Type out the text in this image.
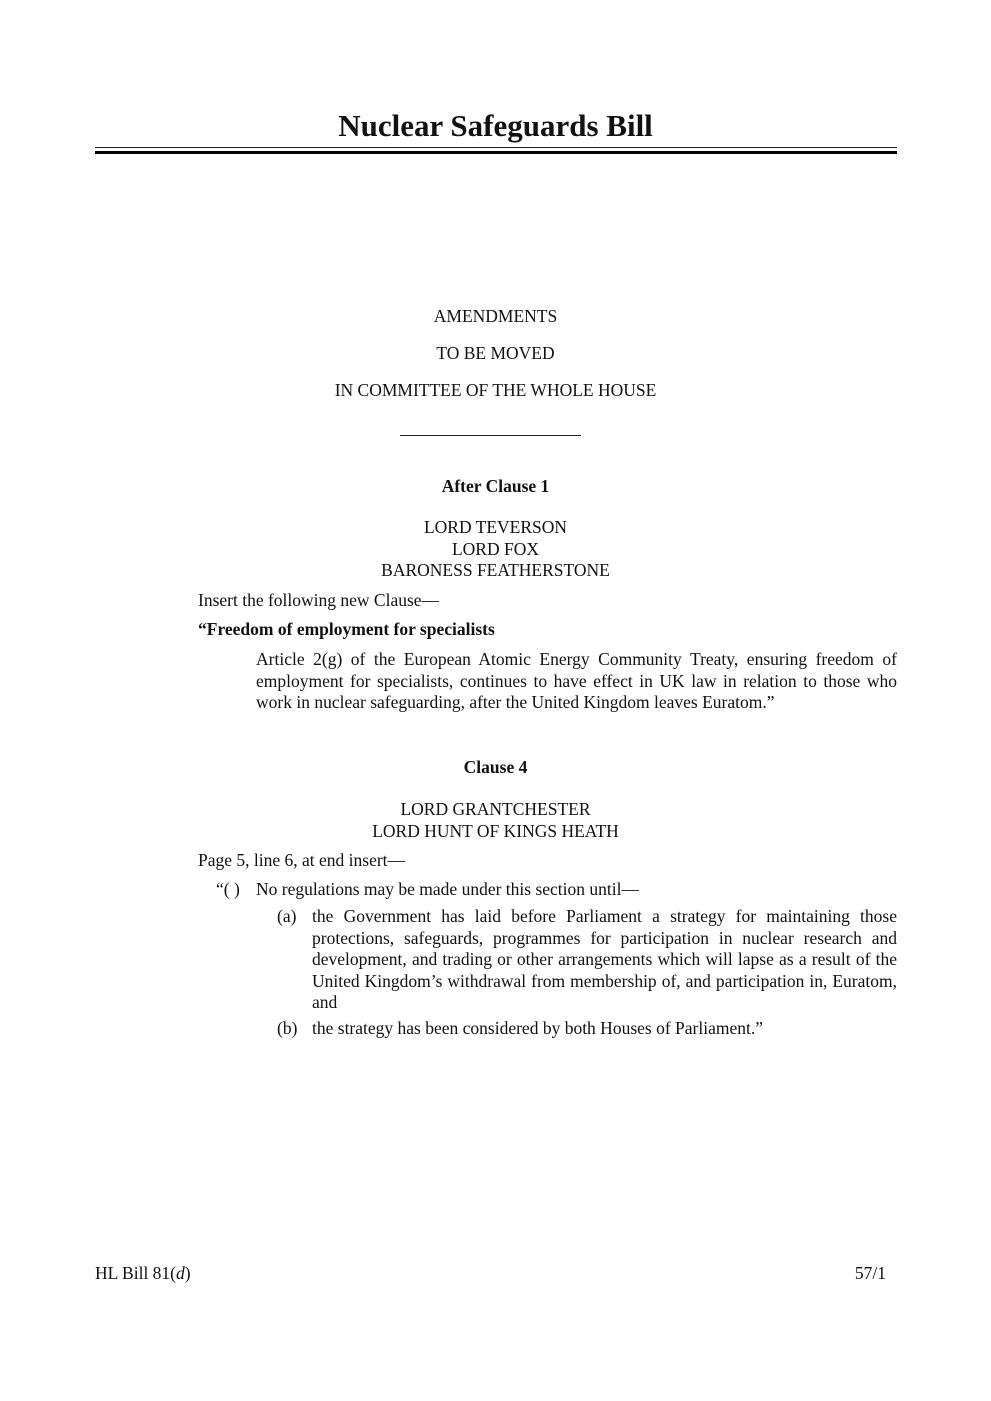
Nuclear Safeguards Bill
AMENDMENTS
TO BE MOVED
IN COMMITTEE OF THE WHOLE HOUSE
After Clause 1
LORD TEVERSON
LORD FOX
BARONESS FEATHERSTONE
Insert the following new Clause—
“Freedom of employment for specialists
Article 2(g) of the European Atomic Energy Community Treaty, ensuring freedom of employment for specialists, continues to have effect in UK law in relation to those who work in nuclear safeguarding, after the United Kingdom leaves Euratom.”
Clause 4
LORD GRANTCHESTER
LORD HUNT OF KINGS HEATH
Page 5, line 6, at end insert—
“( ) No regulations may be made under this section until—
(a) the Government has laid before Parliament a strategy for maintaining those protections, safeguards, programmes for participation in nuclear research and development, and trading or other arrangements which will lapse as a result of the United Kingdom’s withdrawal from membership of, and participation in, Euratom, and
(b) the strategy has been considered by both Houses of Parliament.”
HL Bill 81(d)	57/1
